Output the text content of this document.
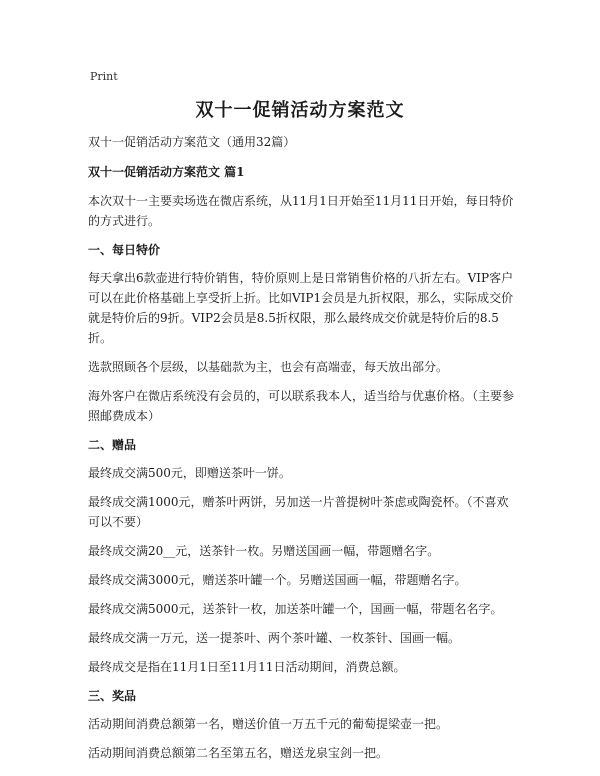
Print
双十一促销活动方案范文
双十一促销活动方案范文（通用32篇）
双十一促销活动方案范文 篇1
本次双十一主要卖场选在微店系统，从11月1日开始至11月11日开始，每日特价的方式进行。
一、每日特价
每天拿出6款壶进行特价销售，特价原则上是日常销售价格的八折左右。VIP客户可以在此价格基础上享受折上折。比如VIP1会员是九折权限，那么，实际成交价就是特价后的9折。VIP2会员是8.5折权限，那么最终成交价就是特价后的8.5折。
选款照顾各个层级，以基础款为主，也会有高端壶，每天放出部分。
海外客户在微店系统没有会员的，可以联系我本人，适当给与优惠价格。（主要参照邮费成本）
二、赠品
最终成交满500元，即赠送茶叶一饼。
最终成交满1000元，赠茶叶两饼，另加送一片普提树叶茶虑或陶瓷杯。（不喜欢可以不要）
最终成交满20__元，送茶针一枚。另赠送国画一幅，带题赠名字。
最终成交满3000元，赠送茶叶罐一个。另赠送国画一幅，带题赠名字。
最终成交满5000元，送茶针一枚，加送茶叶罐一个，国画一幅，带题名名字。
最终成交满一万元，送一提茶叶、两个茶叶罐、一枚茶针、国画一幅。
最终成交是指在11月1日至11月11日活动期间，消费总额。
三、奖品
活动期间消费总额第一名，赠送价值一万五千元的葡萄提梁壶一把。
活动期间消费总额第二名至第五名，赠送龙泉宝剑一把。
